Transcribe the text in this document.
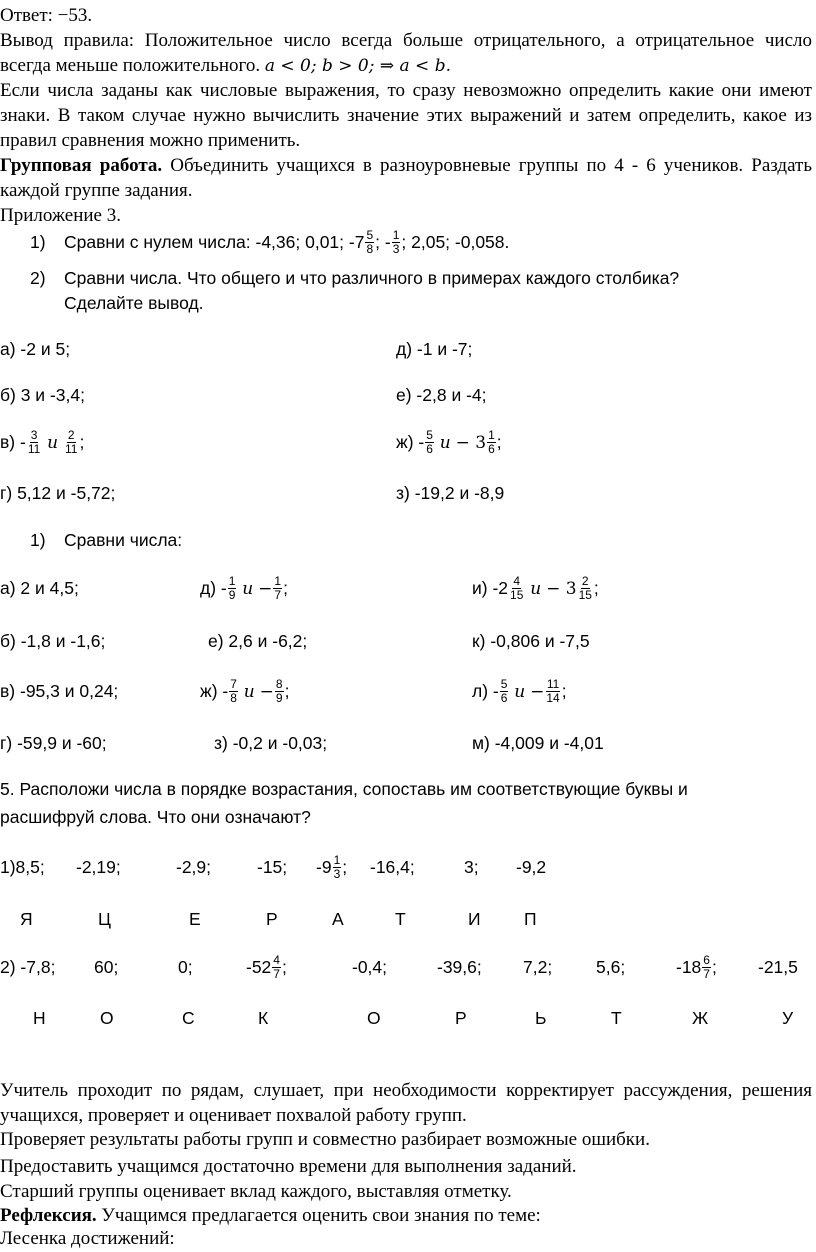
Ответ: −53.
Вывод правила: Положительное число всегда больше отрицательного, а отрицательное число всегда меньше положительного. a < 0; b > 0; ⇒ a < b.
Если числа заданы как числовые выражения, то сразу невозможно определить какие они имеют знаки. В таком случае нужно вычислить значение этих выражений и затем определить, какое из правил сравнения можно применить.
Групповая работа. Объединить учащихся в разноуровневые группы по 4 - 6 учеников. Раздать каждой группе задания.
Приложение 3.
1) Сравни с нулем числа: -4,36; 0,01; $-7 \frac{5}{8}$ ; - $\frac{1}{3}$ ; 2,05; -0,058.
2) Сравни числа. Что общего и что различного в примерах каждого столбика?
Сделайте вывод.
а) -2 и 5;	д) -1 и -7;
б) 3 и -3,4;	е) -2,8 и -4;
$в) - \frac{3}{11}$ и $\frac{2}{11}$ ;	$ж) - \frac{5}{6}$ $и - 3 \frac{1}{6}$ ;
г) 5,12 и -5,72;	з) -19,2 и -8,9
1) Сравни числа:
а) 2 и 4,5;	$д) - \frac{1}{9}$ $и - \frac{1}{7}$ ;	и) $-2 \frac{4}{15}$ $и - 3 \frac{2}{15}$ ;
б) -1,8 и -1,6;	е) 2,6 и -6,2;	к) -0,806 и -7,5
в) -95,3 и 0,24;	$ж) - \frac{7}{8}$ $и - \frac{8}{9}$ ;	$л) - \frac{5}{6}$ $и - \frac{11}{14}$ ;
г) -59,9 и -60;	з) -0,2 и -0,03;	м) -4,009 и -4,01
5. Расположи числа в порядке возрастания, сопоставь им соответствующие буквы и
расшифруй слова. Что они означают?
1)8,5; -2,19;	-2,9;	-15; $-9 \frac{1}{3}$ ; -16,4;	3; -9,2
Я	Ц	Е	Р	А	Т	И П
2) -7,8; 60;	0;	$-52 \frac{4}{7}$ ;	-0,4;	-39,6; 7,2;	5,6;	$-18 \frac{6}{7}$ ; -21,5
Н	О	С	К	О	Р	Ь	Т	Ж	У
Учитель проходит по рядам, слушает, при необходимости корректирует рассуждения, решения учащихся, проверяет и оценивает похвалой работу групп.
Проверяет результаты работы групп и совместно разбирает возможные ошибки.
Предоставить учащимся достаточно времени для выполнения заданий.
Старший группы оценивает вклад каждого, выставляя отметку.
Рефлексия. Учащимся предлагается оценить свои знания по теме:
Лесенка достижений:
